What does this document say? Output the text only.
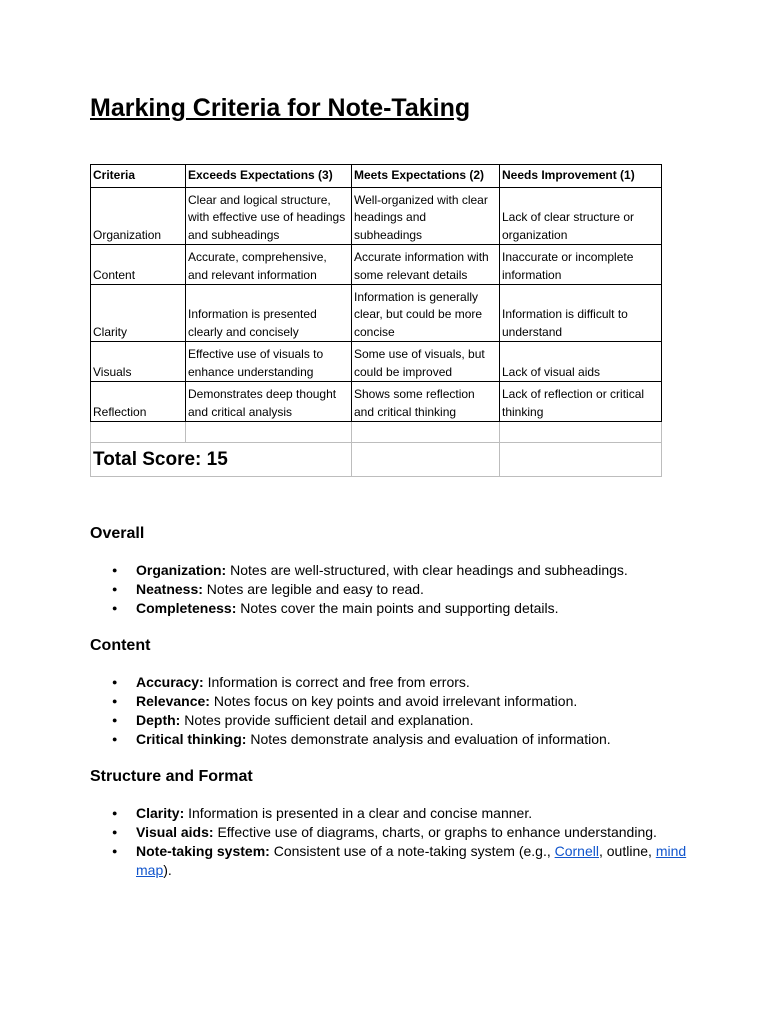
Marking Criteria for Note-Taking
Criteria	Exceeds Expectations (3)	Meets Expectations (2)	Needs Improvement (1)
Organization	Clear and logical structure, with effective use of headings and subheadings	Well-organized with clear headings and subheadings	Lack of clear structure or organization
Content	Accurate, comprehensive, and relevant information	Accurate information with some relevant details	Inaccurate or incomplete information
Clarity	Information is presented clearly and concisely	Information is generally clear, but could be more concise	Information is difficult to understand
Visuals	Effective use of visuals to enhance understanding	Some use of visuals, but could be improved	Lack of visual aids
Reflection	Demonstrates deep thought and critical analysis	Shows some reflection and critical thinking	Lack of reflection or critical thinking

Total Score: 15			
Overall
● Organization: Notes are well-structured, with clear headings and subheadings.
● Neatness: Notes are legible and easy to read.
● Completeness: Notes cover the main points and supporting details.
Content
● Accuracy: Information is correct and free from errors.
● Relevance: Notes focus on key points and avoid irrelevant information.
● Depth: Notes provide sufficient detail and explanation.
● Critical thinking: Notes demonstrate analysis and evaluation of information.
Structure and Format
● Clarity: Information is presented in a clear and concise manner.
● Visual aids: Effective use of diagrams, charts, or graphs to enhance understanding.
● Note-taking system: Consistent use of a note-taking system (e.g., Cornell, outline, mind map).
